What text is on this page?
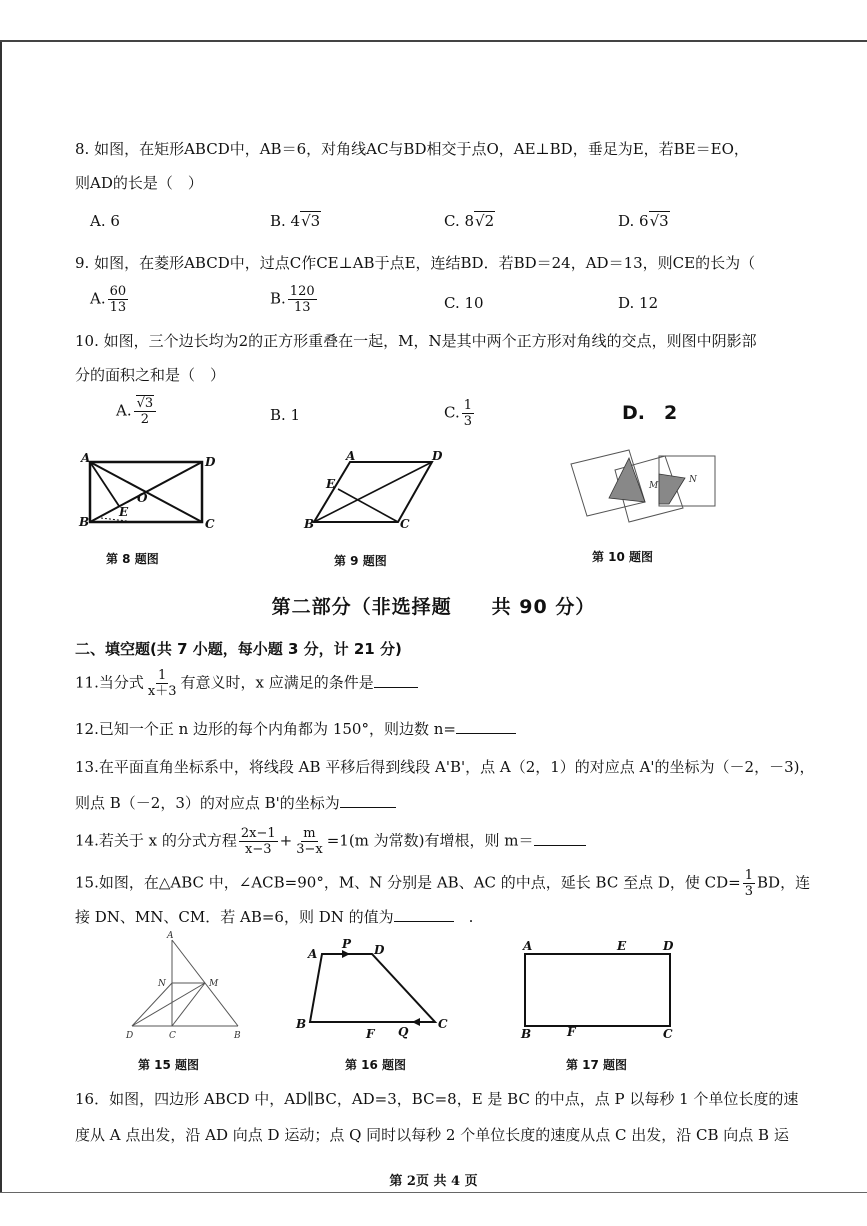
8. 如图，在矩形ABCD中，AB＝6，对角线AC与BD相交于点O，AE⊥BD，垂足为E，若BE＝EO，
则AD的长是（　）
A. 6	B. 4√3	C. 8√2	D. 6√3
9. 如图，在菱形ABCD中，过点C作CE⊥AB于点E，连结BD．若BD＝24，AD＝13，则CE的长为（
A. $\frac{60}{13}$	B. $\frac{120}{13}$	C. 10	D. 12
10. 如图，三个边长均为2的正方形重叠在一起，M，N是其中两个正方形对角线的交点，则图中阴影部
分的面积之和是（　）
A. $\frac{√3}{2}$	B. 1	C. $\frac{1}{3}$	D.　2
A	D
B	C
O
E
第 8 题图
A	D
B	C
E
第 9 题图
M
N
第 10 题图
第二部分（非选择题　　共 90 分）
二、填空题(共 7 小题，每小题 3 分，计 21 分)
11.当分式 $\frac{1}{x+3}$ 有意义时，x 应满足的条件是
12.已知一个正 n 边形的每个内角都为 150°，则边数 n=
13.在平面直角坐标系中，将线段 AB 平移后得到线段 A'B'，点 A（2，1）的对应点 A'的坐标为（－2，－3)，
则点 B（－2，3）的对应点 B'的坐标为
14.若关于 x 的分式方程 $\frac{2x-1}{x-3} + \frac{m}{3-x} =1(m$ 为常数)有增根，则 m＝
15.如图，在△ABC 中，∠ACB=90°，M、N 分别是 AB、AC 的中点，延长 BC 至点 D，使 $CD= \frac{1}{3}$ BD，连
接 DN、MN、CM．若 AB=6，则 DN 的值为	　.
A
N	M
D	C	B
第 15 题图
A
P D
B
F Q
C
第 16 题图
A	E	D
B	F	C
第 17 题图
16．如图，四边形 ABCD 中，AD∥BC，AD=3，BC=8，E 是 BC 的中点，点 P 以每秒 1 个单位长度的速
度从 A 点出发，沿 AD 向点 D 运动；点 Q 同时以每秒 2 个单位长度的速度从点 C 出发，沿 CB 向点 B 运
第 2页 共 4 页
